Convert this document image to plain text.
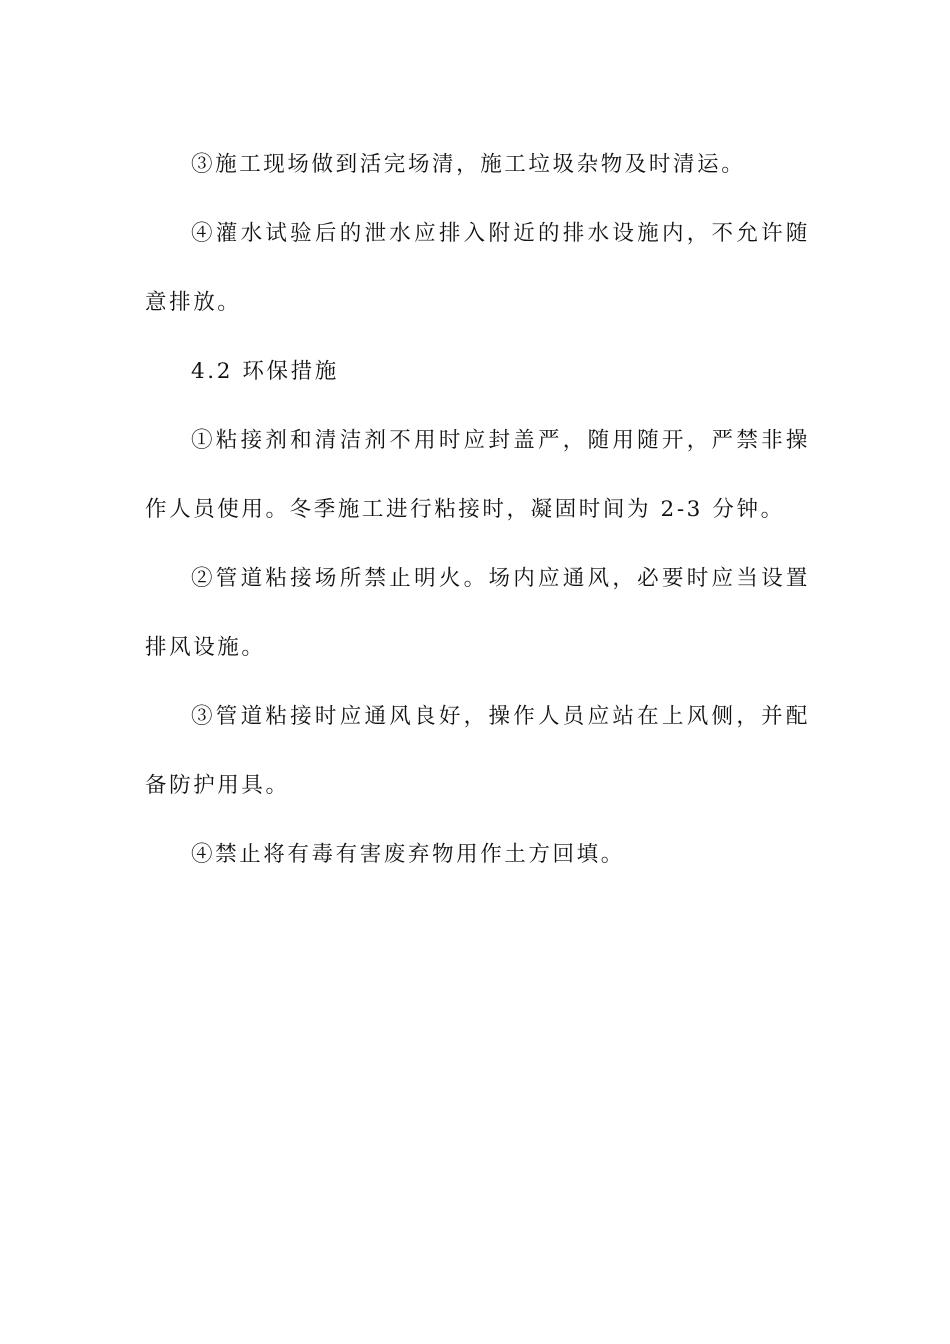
③施工现场做到活完场清，施工垃圾杂物及时清运。

④灌水试验后的泄水应排入附近的排水设施内，不允许随意排放。

4.2 环保措施

①粘接剂和清洁剂不用时应封盖严，随用随开，严禁非操作人员使用。冬季施工进行粘接时，凝固时间为 2-3 分钟。

②管道粘接场所禁止明火。场内应通风，必要时应当设置排风设施。

③管道粘接时应通风良好，操作人员应站在上风侧，并配备防护用具。

④禁止将有毒有害废弃物用作土方回填。
